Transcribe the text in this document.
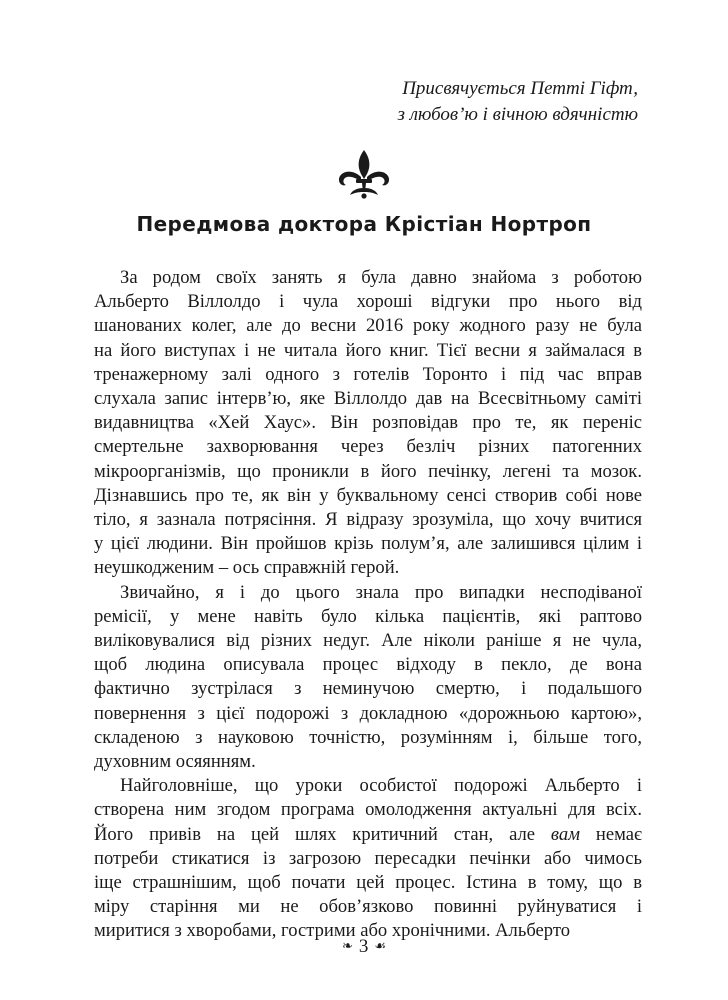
Присвячується Петті Гіфт,
з любов’ю і вічною вдячністю
Передмова доктора Крістіан Нортроп
За родом своїх занять я була давно знайома з роботою
Альберто Віллолдо і чула хороші відгуки про нього від
шанованих колег, але до весни 2016 року жодного разу не була
на його виступах і не читала його книг. Тієї весни я займалася в
тренажерному залі одного з готелів Торонто і під час вправ
слухала запис інтерв’ю, яке Віллолдо дав на Всесвітньому саміті
видавництва «Хей Хаус». Він розповідав про те, як переніс
смертельне захворювання через безліч різних патогенних
мікроорганізмів, що проникли в його печінку, легені та мозок.
Дізнавшись про те, як він у буквальному сенсі створив собі нове
тіло, я зазнала потрясіння. Я відразу зрозуміла, що хочу вчитися
у цієї людини. Він пройшов крізь полум’я, але залишився цілим і
неушкодженим – ось справжній герой.
Звичайно, я і до цього знала про випадки несподіваної
ремісії, у мене навіть було кілька пацієнтів, які раптово
виліковувалися від різних недуг. Але ніколи раніше я не чула,
щоб людина описувала процес відходу в пекло, де вона
фактично зустрілася з неминучою смертю, і подальшого
повернення з цієї подорожі з докладною «дорожньою картою»,
складеною з науковою точністю, розумінням і, більше того,
духовним осяянням.
Найголовніше, що уроки особистої подорожі Альберто і
створена ним згодом програма омолодження актуальні для всіх.
Його привів на цей шлях критичний стан, але вам немає
потреби стикатися із загрозою пересадки печінки або чимось
іще страшнішим, щоб почати цей процес. Істина в тому, що в
міру старіння ми не обов’язково повинні руйнуватися і
миритися з хворобами, гострими або хронічними. Альберто
❧ 3 ☙
